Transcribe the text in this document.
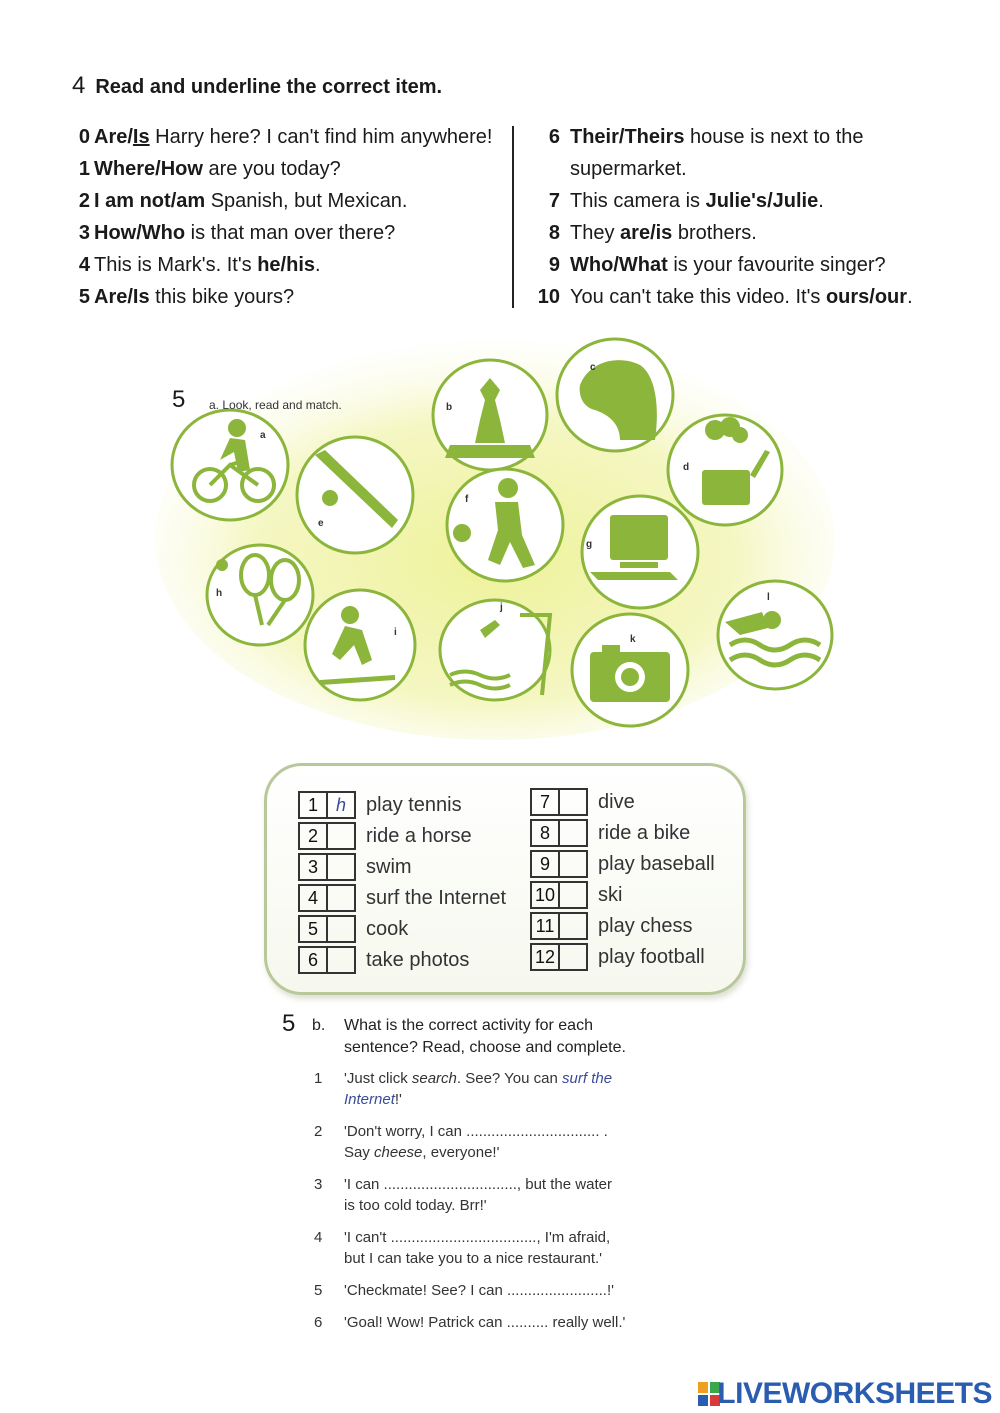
4 Read and underline the correct item.
0 Are/Is Harry here? I can't find him anywhere!
1 Where/How are you today?
2 I am not/am Spanish, but Mexican.
3 How/Who is that man over there?
4 This is Mark's. It's he/his.
5 Are/Is this bike yours?
6 Their/Theirs house is next to the
supermarket.
7 This camera is Julie's/Julie.
8 They are/is brothers.
9 Who/What is your favourite singer?
10 You can't take this video. It's ours/our.
a
b
c
d
e
f
g
h
i
j
k
l
5 a. Look, read and match.
1 h	play tennis
2	ride a horse
3	swim
4	surf the Internet
5	cook
6	take photos
7	dive
8	ride a bike
9	play baseball
10 ski
11 play chess
12 play football
5 b. What is the correct activity for each
sentence? Read, choose and complete.
1 'Just click search. See? You can surf the
Internet!'
2 'Don't worry, I can ................................ .
Say cheese, everyone!'
3 'I can ................................, but the water
is too cold today. Brr!'
4 'I can't ..................................., I'm afraid,
but I can take you to a nice restaurant.'
5 'Checkmate! See? I can ........................!'
6 'Goal! Wow! Patrick can .......... really well.'
LIVEWORKSHEETS
